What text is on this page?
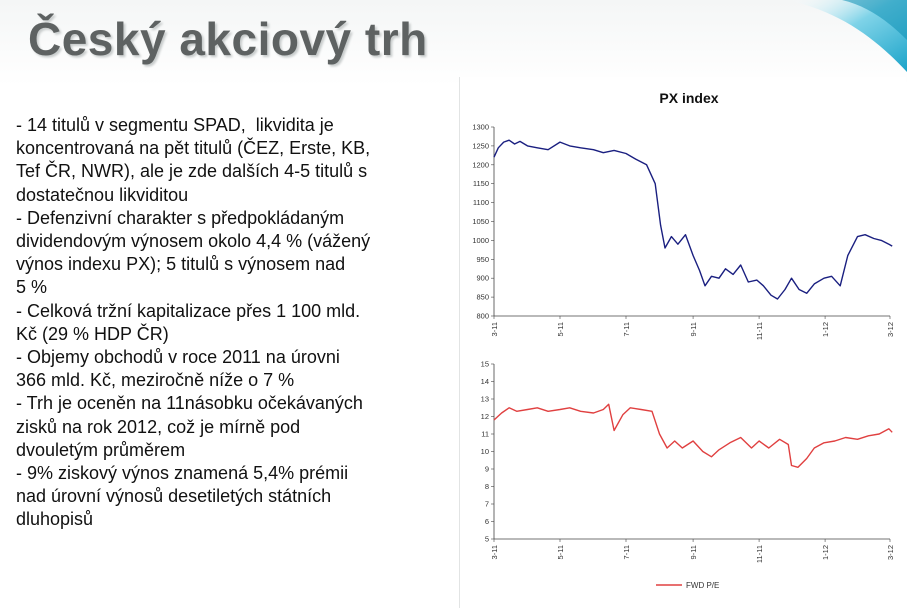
Český akciový trh
- 14 titulů v segmentu SPAD,  likvidita je
koncentrovaná na pět titulů (ČEZ, Erste, KB,
Tef ČR, NWR), ale je zde dalších 4-5 titulů s
dostatečnou likviditou
- Defenzivní charakter s předpokládaným
dividendovým výnosem okolo 4,4 % (vážený
výnos indexu PX); 5 titulů s výnosem nad
5 %
- Celková tržní kapitalizace přes 1 100 mld.
Kč (29 % HDP ČR)
- Objemy obchodů v roce 2011 na úrovni
366 mld. Kč, meziročně níže o 7 %
- Trh je oceněn na 11násobku očekávaných
zisků na rok 2012, což je mírně pod
dvouletým průměrem
- 9% ziskový výnos znamená 5,4% prémii
nad úrovní výnosů desetiletých státních
dluhopisů
PX index
800
850
900
950
1000
1050
1100
1150
1200
1250
1300
3-11	5-11	7-11	9-11	11-11	1-12	3-12
5
6
7
8
9
10
11
12
13
14
15
3-11	5-11	7-11	9-11	11-11	1-12	3-12
FWD P/E
